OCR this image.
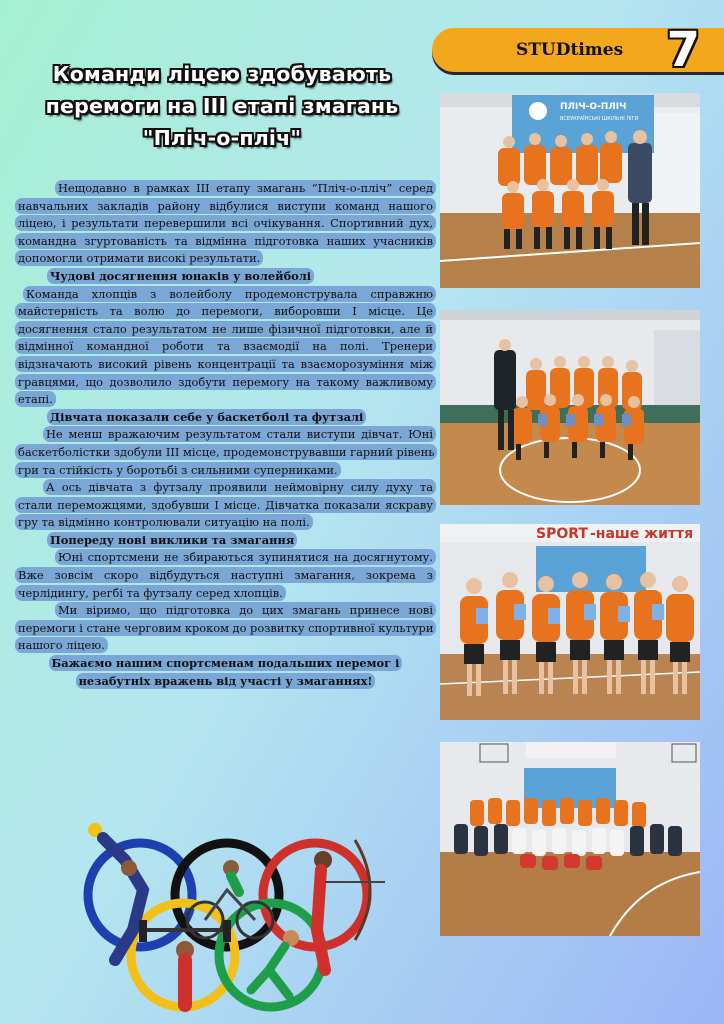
STUDtimes 7
Команди ліцею здобувають перемоги на ІІІ етапі змагань "Пліч-о-пліч"

Нещодавно в рамках ІІІ етапу змагань “Пліч-о-пліч” серед навчальних закладів району відбулися виступи команд нашого ліцею, і результати перевершили всі очікування. Спортивний дух, командна згуртованість та відмінна підготовка наших учасників допомогли отримати високі результати.

Чудові досягнення юнаків у волейболі

Команда хлопців з волейболу продемонструвала справжню майстерність та волю до перемоги, виборовши І місце. Це досягнення стало результатом не лише фізичної підготовки, але й відмінної командної роботи та взаємодії на полі. Тренери відзначають високий рівень концентрації та взаєморозуміння між гравцями, що дозволило здобути перемогу на такому важливому етапі.

Дівчата показали себе у баскетболі та футзалі

Не менш вражаючим результатом стали виступи дівчат. Юні баскетболістки здобули ІІІ місце, продемонструвавши гарний рівень гри та стійкість у боротьбі з сильними суперниками.

А ось дівчата з футзалу проявили неймовірну силу духу та стали переможцями, здобувши І місце. Дівчатка показали яскраву гру та відмінно контролювали ситуацію на полі.

Попереду нові виклики та змагання

Юні спортсмени не збираються зупинятися на досягнутому. Вже зовсім скоро відбудуться наступні змагання, зокрема з черлідингу, регбі та футзалу серед хлопців.

Ми віримо, що підготовка до цих змагань принесе нові перемоги і стане черговим кроком до розвитку спортивної культури нашого ліцею.

Бажаємо нашим спортсменам подальших перемог і незабутніх вражень від участі у змаганнях!

ПЛІЧ-О-ПЛІЧ
ВСЕУКРАЇНСЬКІ ШКІЛЬНІ ЛІГИ
SPORT -наше життя
